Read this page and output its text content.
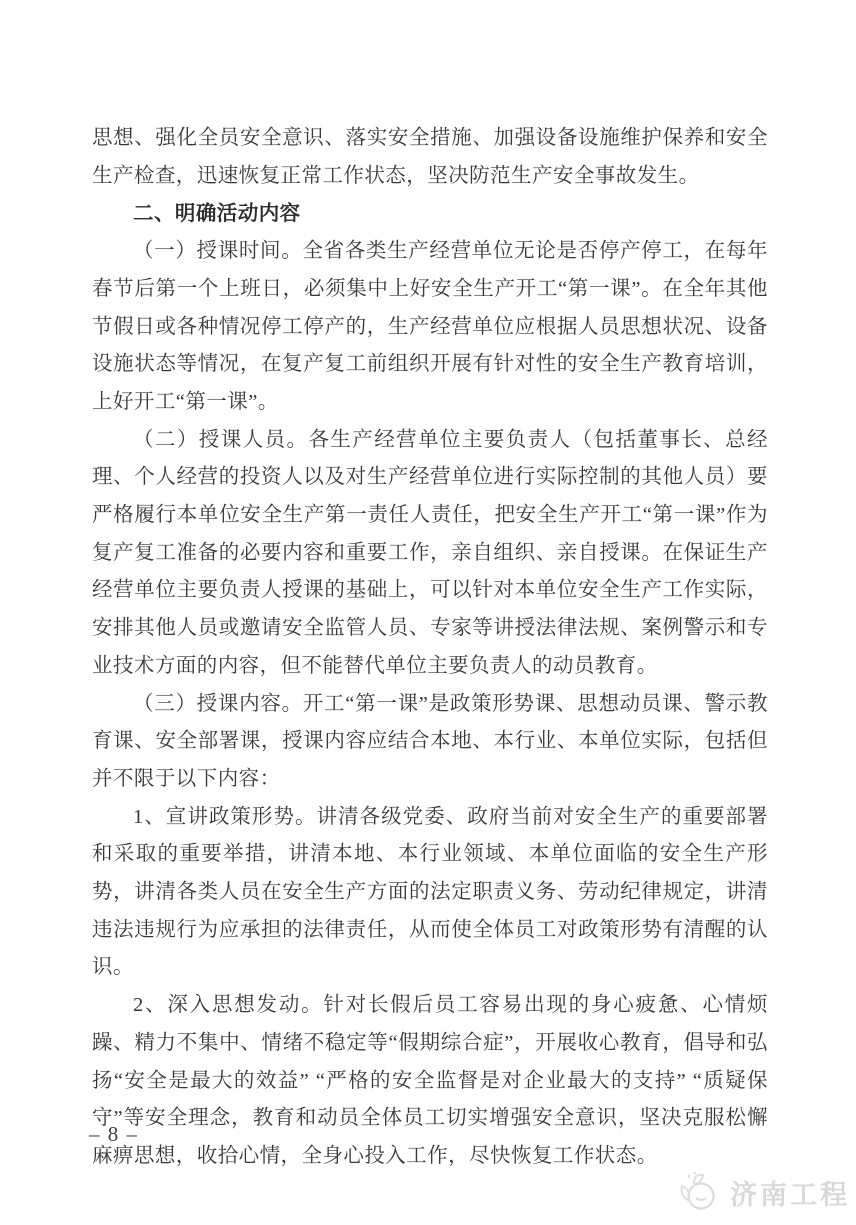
思想、强化全员安全意识、落实安全措施、加强设备设施维护保养和安全生产检查，迅速恢复正常工作状态，坚决防范生产安全事故发生。

二、明确活动内容

（一）授课时间。全省各类生产经营单位无论是否停产停工，在每年春节后第一个上班日，必须集中上好安全生产开工“第一课”。在全年其他节假日或各种情况停工停产的，生产经营单位应根据人员思想状况、设备设施状态等情况，在复产复工前组织开展有针对性的安全生产教育培训，上好开工“第一课”。

（二）授课人员。各生产经营单位主要负责人（包括董事长、总经理、个人经营的投资人以及对生产经营单位进行实际控制的其他人员）要严格履行本单位安全生产第一责任人责任，把安全生产开工“第一课”作为复产复工准备的必要内容和重要工作，亲自组织、亲自授课。在保证生产经营单位主要负责人授课的基础上，可以针对本单位安全生产工作实际，安排其他人员或邀请安全监管人员、专家等讲授法律法规、案例警示和专业技术方面的内容，但不能替代单位主要负责人的动员教育。

（三）授课内容。开工“第一课”是政策形势课、思想动员课、警示教育课、安全部署课，授课内容应结合本地、本行业、本单位实际，包括但并不限于以下内容：

1、宣讲政策形势。讲清各级党委、政府当前对安全生产的重要部署和采取的重要举措，讲清本地、本行业领域、本单位面临的安全生产形势，讲清各类人员在安全生产方面的法定职责义务、劳动纪律规定，讲清违法违规行为应承担的法律责任，从而使全体员工对政策形势有清醒的认识。

2、深入思想发动。针对长假后员工容易出现的身心疲惫、心情烦躁、精力不集中、情绪不稳定等“假期综合症”，开展收心教育，倡导和弘扬“安全是最大的效益” “严格的安全监督是对企业最大的支持” “质疑保守”等安全理念，教育和动员全体员工切实增强安全意识，坚决克服松懈麻痹思想，收拾心情，全身心投入工作，尽快恢复工作状态。

– 8 –
济南工程
